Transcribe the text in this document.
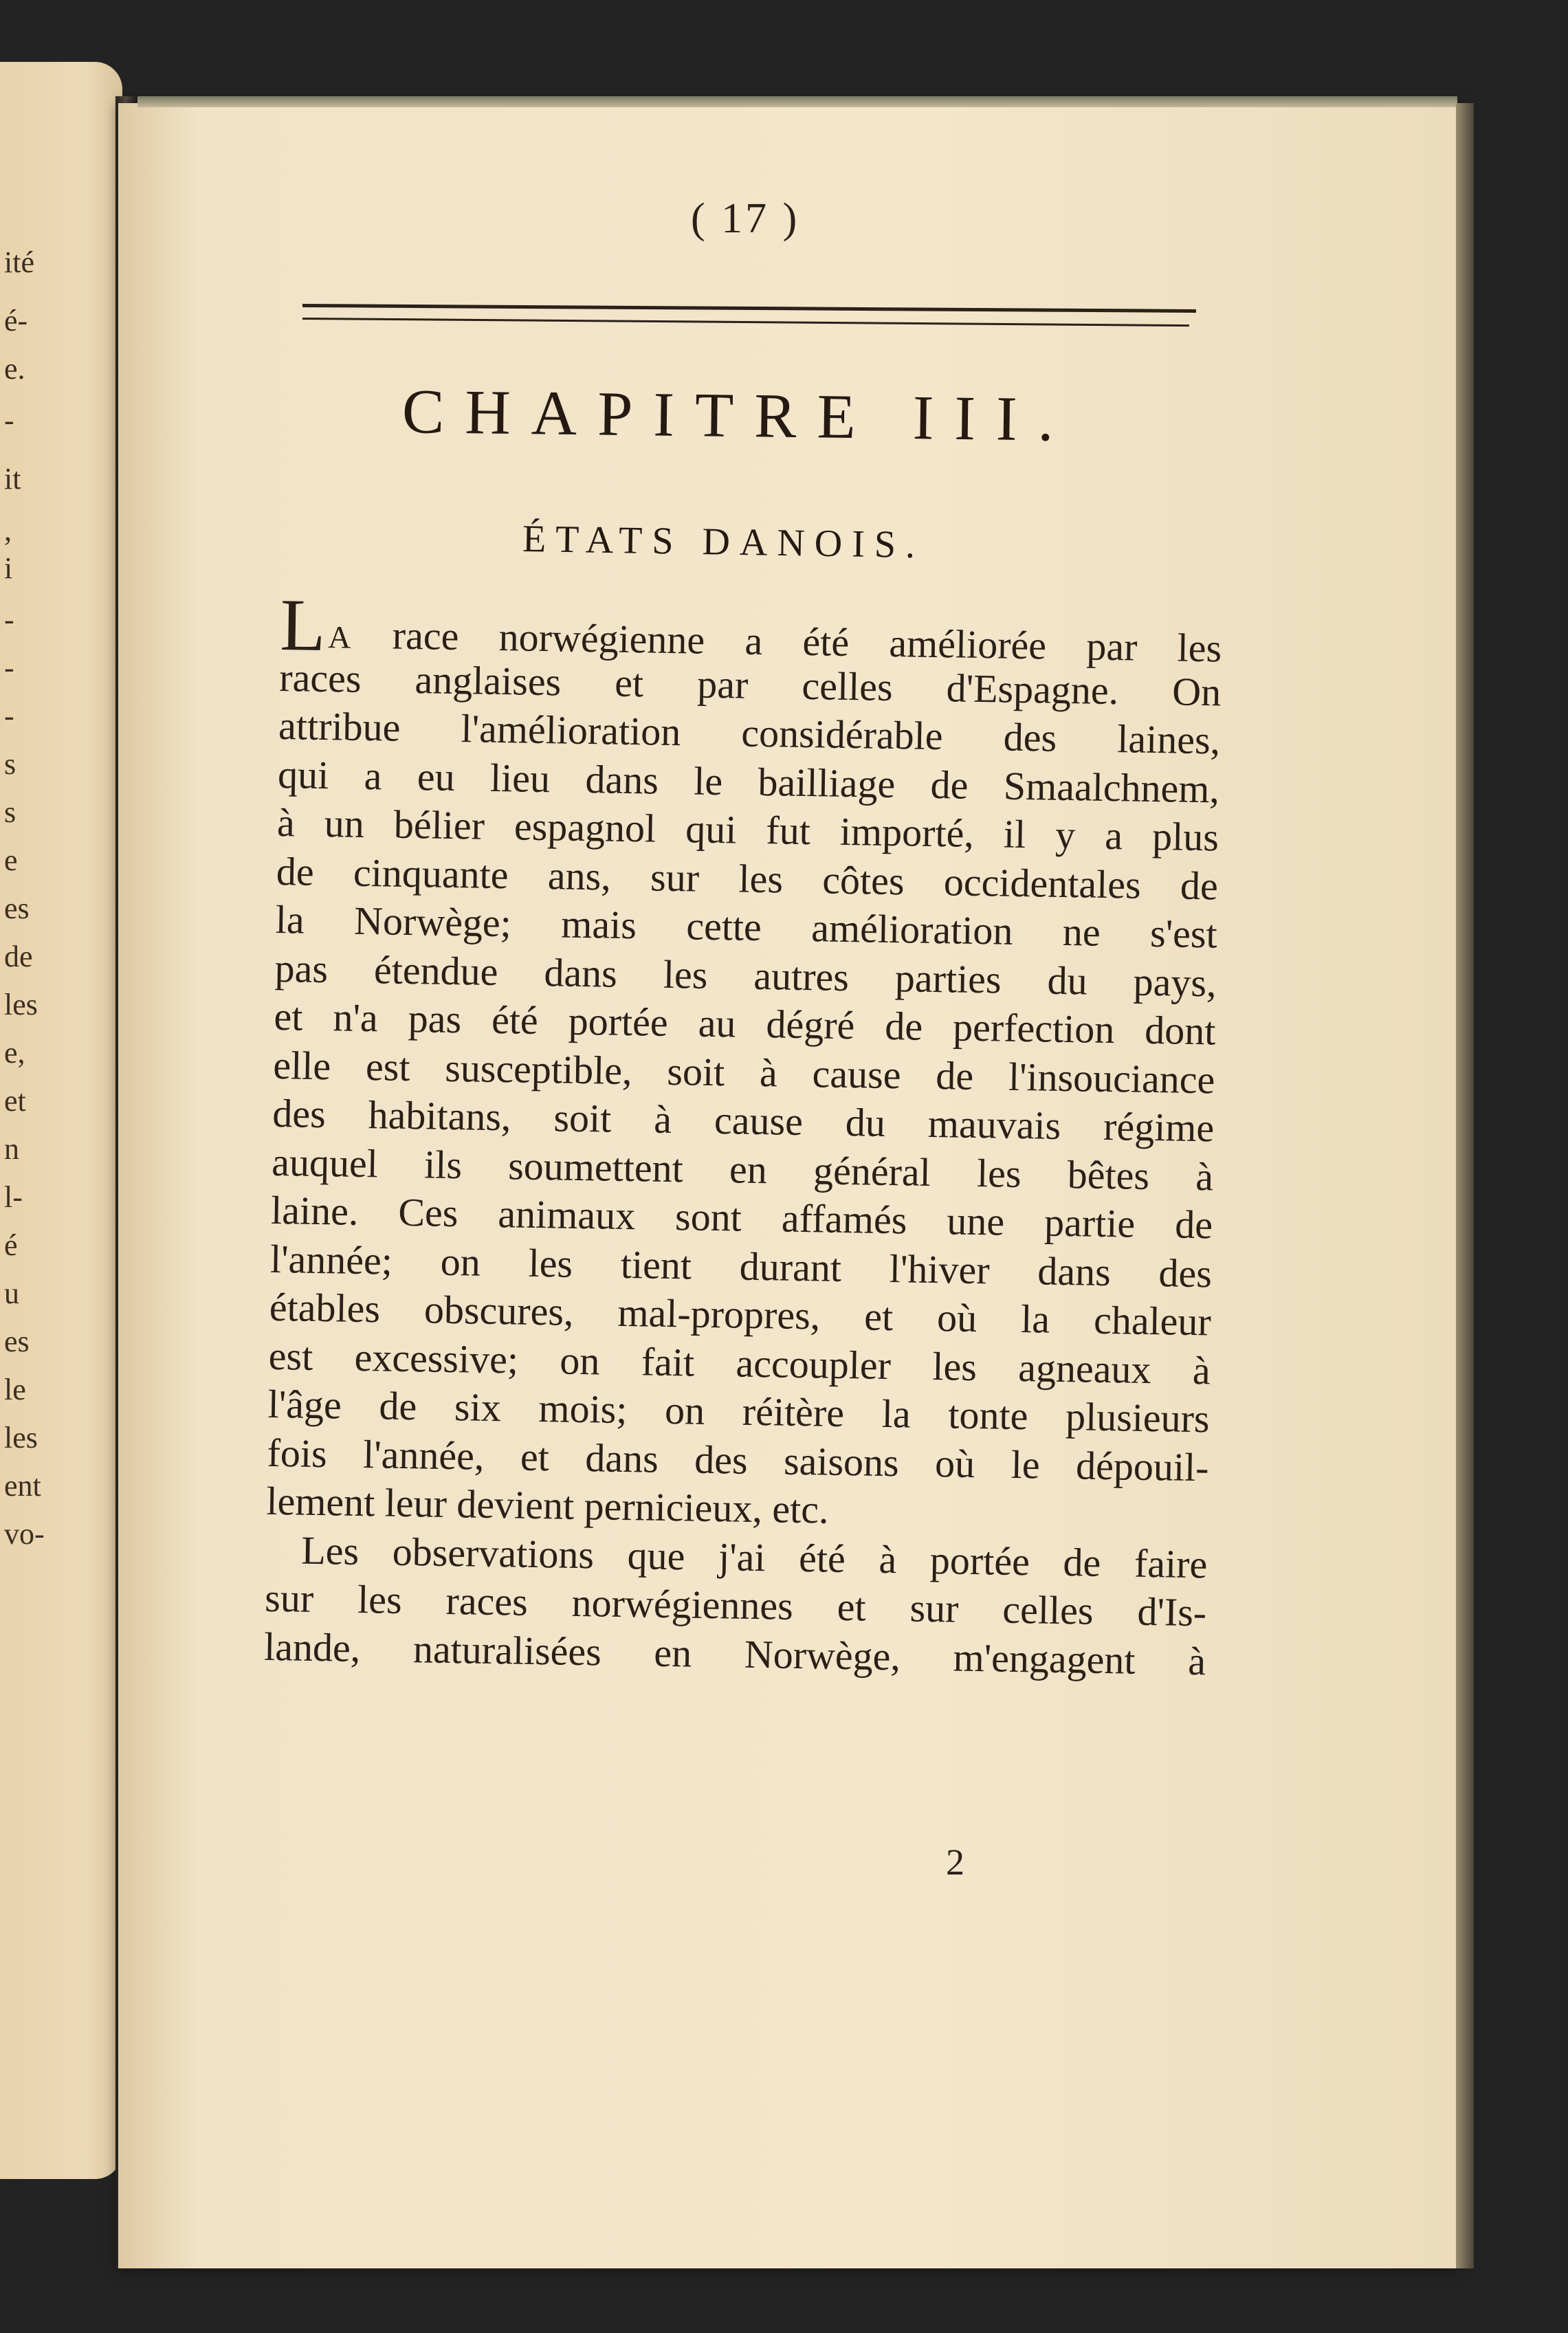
ité
é-
e.
-
it
,
i
-
-
-
s
s
e
es
de
les
e,
et
n
l-
é
u
es
le
les
ent
vo-
( 17 )
CHAPITRE III.
ÉTATS DANOIS.
LA race norwégienne a été améliorée par les
races anglaises et par celles d'Espagne. On
attribue l'amélioration considérable des laines,
qui a eu lieu dans le bailliage de Smaalchnem,
à un bélier espagnol qui fut importé, il y a plus
de cinquante ans, sur les côtes occidentales de
la Norwège; mais cette amélioration ne s'est
pas étendue dans les autres parties du pays,
et n'a pas été portée au dégré de perfection dont
elle est susceptible, soit à cause de l'insouciance
des habitans, soit à cause du mauvais régime
auquel ils soumettent en général les bêtes à
laine. Ces animaux sont affamés une partie de
l'année; on les tient durant l'hiver dans des
étables obscures, mal-propres, et où la chaleur
est excessive; on fait accoupler les agneaux à
l'âge de six mois; on réitère la tonte plusieurs
fois l'année, et dans des saisons où le dépouil-
lement leur devient pernicieux, etc.
Les observations que j'ai été à portée de faire
sur les races norwégiennes et sur celles d'Is-
lande, naturalisées en Norwège, m'engagent à
2
